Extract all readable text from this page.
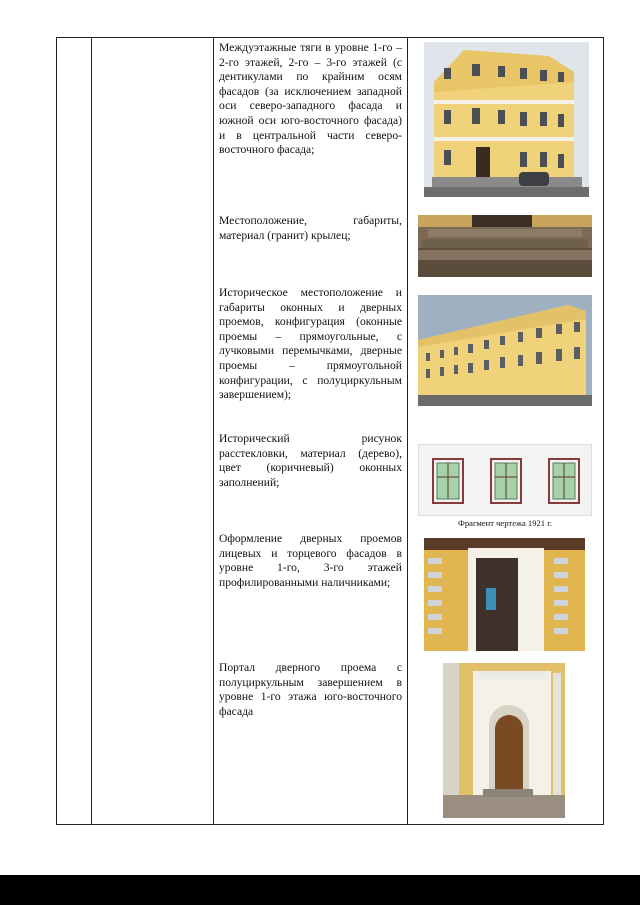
Междуэтажные тяги в уровне 1-го – 2-го этажей, 2-го – 3-го этажей (с дентикулами по крайним осям фасадов (за исключением западной оси северо-западного фасада и южной оси юго-восточного фасада) и в центральной части северо-восточного фасада;
Местоположение, габариты, материал (гранит) крылец;
Историческое местоположение и габариты оконных и дверных проемов, конфигурация (оконные проемы – прямоугольные, с лучковыми перемычками, дверные проемы – прямоугольной конфигурации, с полуциркульным завершением);
Исторический рисунок расстекловки, материал (дерево), цвет (коричневый) оконных заполнений;
Оформление дверных проемов лицевых и торцевого фасадов в уровне 1-го, 3-го этажей профилированными наличниками;
Портал дверного проема с полуциркульным завершением в уровне 1-го этажа юго-восточного фасада
Фрагмент чертежа 1921 г.
